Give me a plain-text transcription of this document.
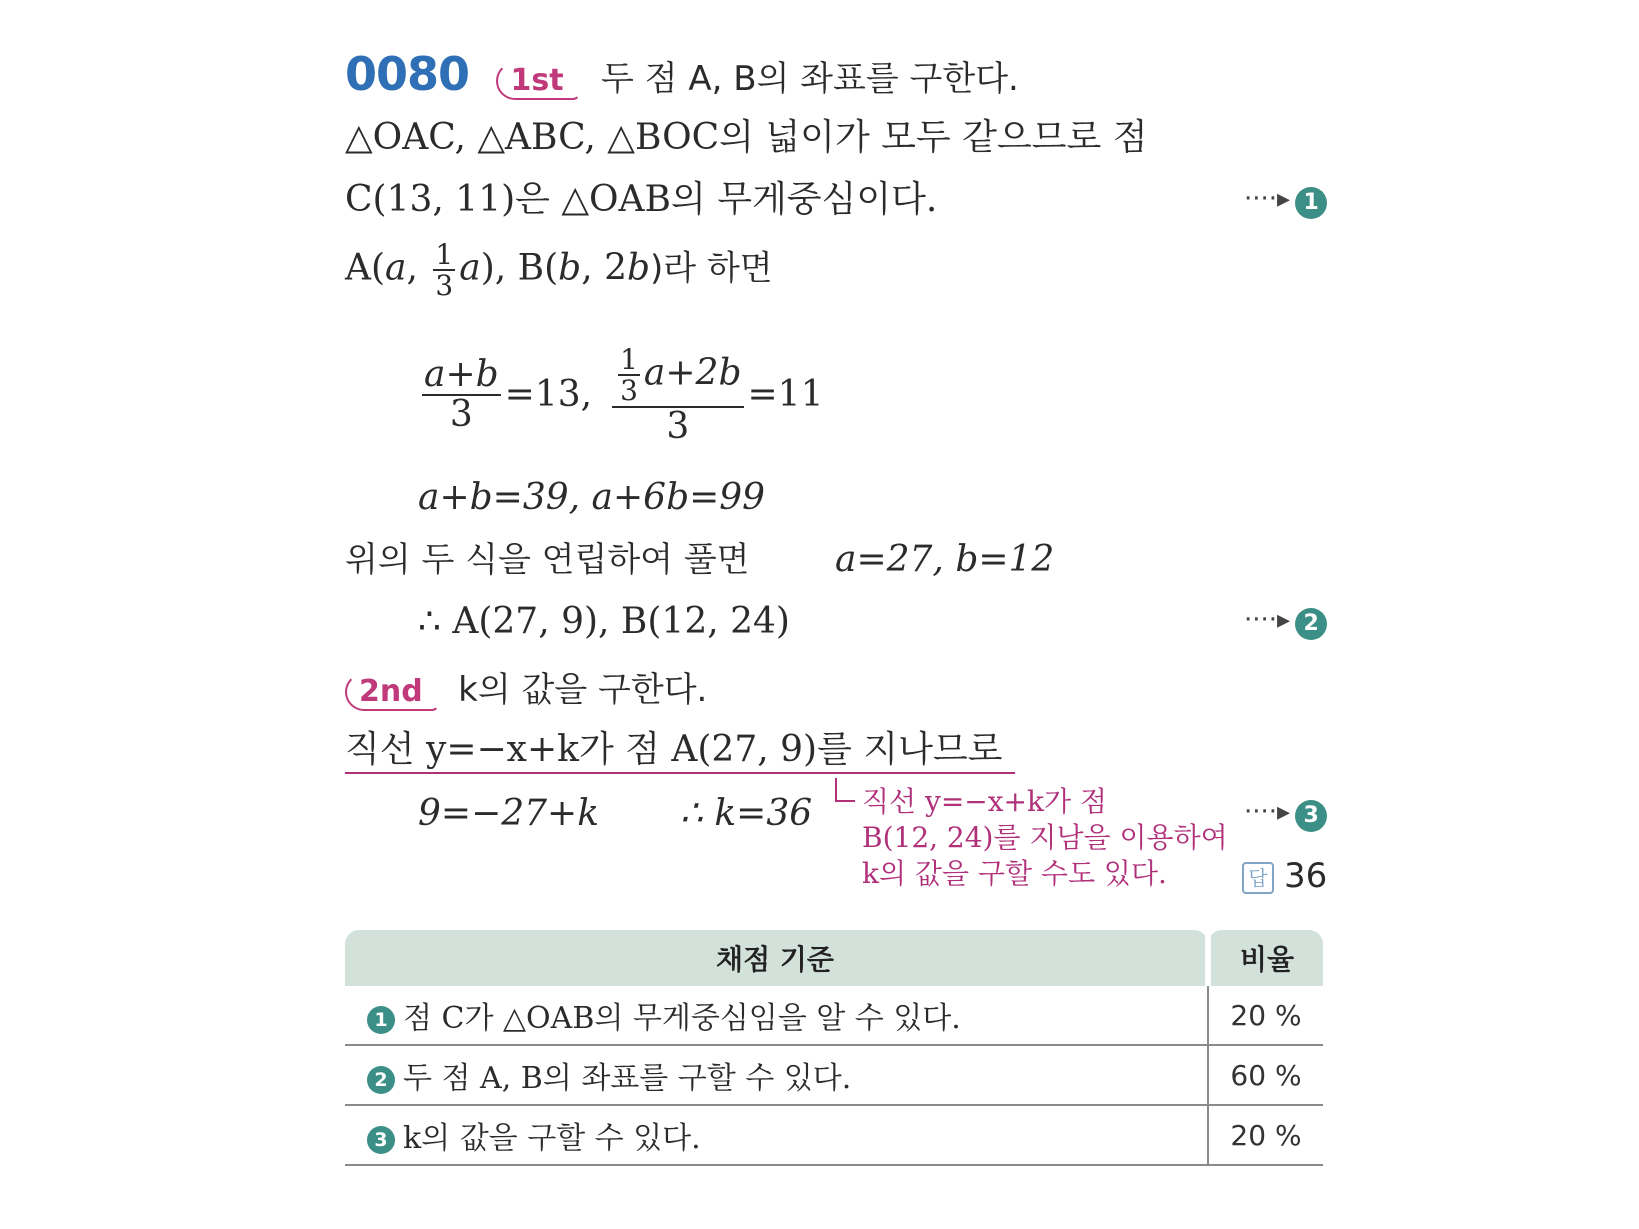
0080 1st 두 점 A, B의 좌표를 구한다.
△OAC, △ABC, △BOC의 넓이가 모두 같으므로 점
C(13, 11)은 △OAB의 무게중심이다.	····▸ 1
A(a, $\frac{1}{3} a$), B(b, 2b)라 하면
$\frac{a+b}{3} =13$, $\frac{\frac{1}{3} a+2b}{3} =11$
a+b=39, a+6b=99
위의 두 식을 연립하여 풀면 a=27, b=12
∴ A(27, 9), B(12, 24)	····▸ 2
2nd k의 값을 구한다.
직선 y=−x+k가 점 A(27, 9)를 지나므로
9=−27+k ∴ k=36 직선 y=−x+k가 점
B(12, 24)를 지남을 이용하여
k의 값을 구할 수도 있다.
····▸ 3
답 36
채점 기준	비율
1 점 C가 △OAB의 무게중심임을 알 수 있다.	20 %
2 두 점 A, B의 좌표를 구할 수 있다.	60 %
3 k의 값을 구할 수 있다.	20 %
